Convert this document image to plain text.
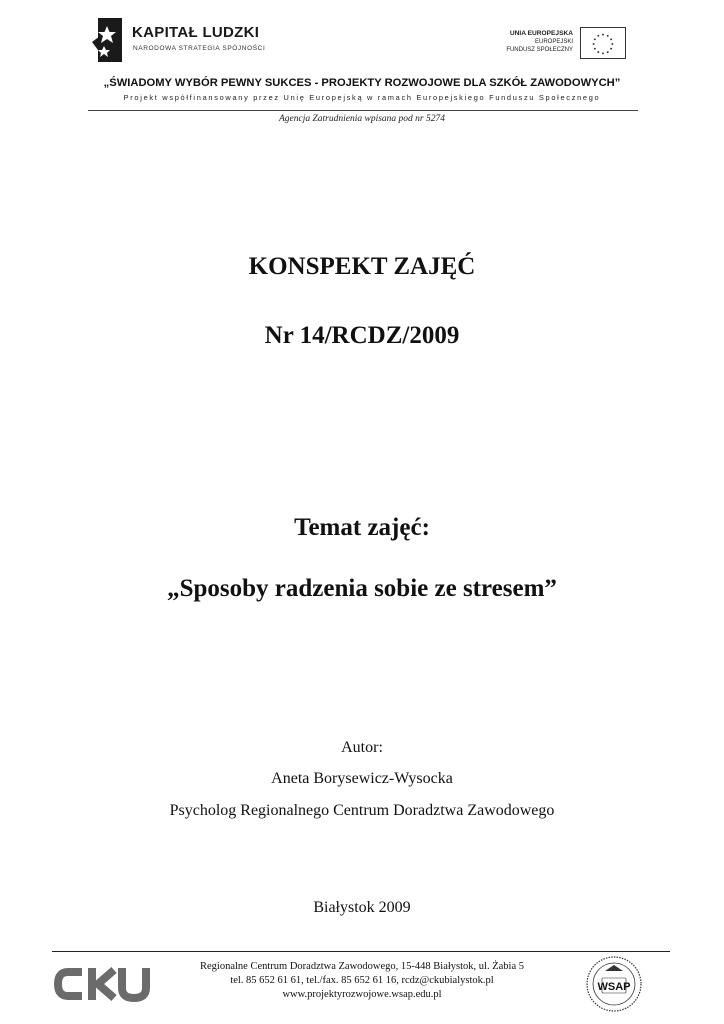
KAPITAŁ LUDZKI
NARODOWA STRATEGIA SPÓJNOŚCI
UNIA EUROPEJSKA
EUROPEJSKI
FUNDUSZ SPOŁECZNY
„ŚWIADOMY WYBÓR PEWNY SUKCES - PROJEKTY ROZWOJOWE DLA SZKÓŁ ZAWODOWYCH”
Projekt współfinansowany przez Unię Europejską w ramach Europejskiego Funduszu Społecznego
Agencja Zatrudnienia wpisana pod nr 5274
KONSPEKT ZAJĘĆ
Nr 14/RCDZ/2009
Temat zajęć:
„Sposoby radzenia sobie ze stresem”
Autor:
Aneta Borysewicz-Wysocka
Psycholog Regionalnego Centrum Doradztwa Zawodowego
Białystok 2009
Regionalne Centrum Doradztwa Zawodowego, 15-448 Białystok, ul. Żabia 5
tel. 85 652 61 61, tel./fax. 85 652 61 16, rcdz@ckubialystok.pl
www.projektyrozwojowe.wsap.edu.pl
WSAP
